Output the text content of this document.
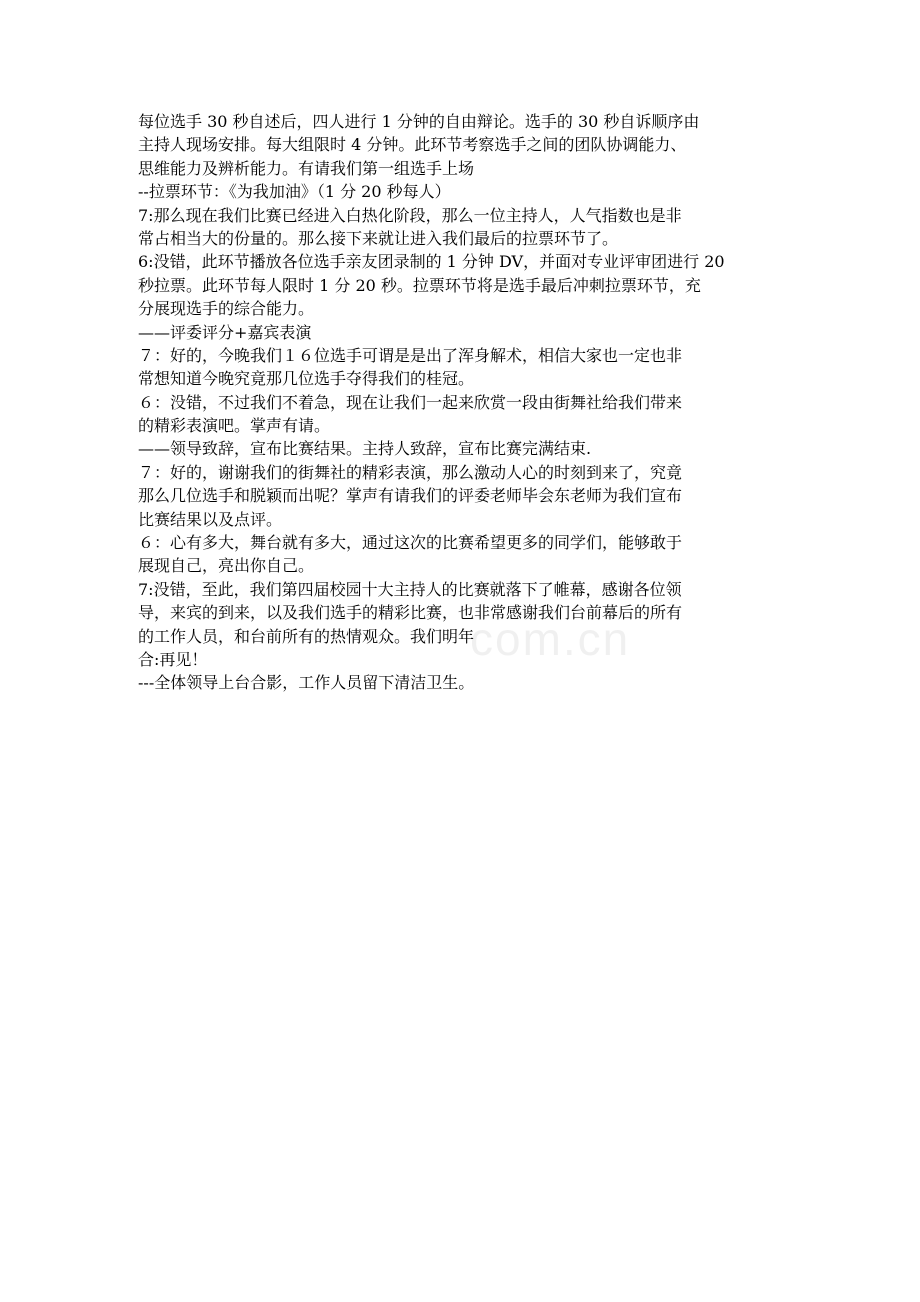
每位选手 30 秒自述后，四人进行 1 分钟的自由辩论。选手的 30 秒自诉顺序由
主持人现场安排。每大组限时 4 分钟。此环节考察选手之间的团队协调能力、
思维能力及辨析能力。有请我们第一组选手上场
--拉票环节：《为我加油》（1 分 20 秒每人）
7:那么现在我们比赛已经进入白热化阶段，那么一位主持人，人气指数也是非
常占相当大的份量的。那么接下来就让进入我们最后的拉票环节了。
6:没错，此环节播放各位选手亲友团录制的 1 分钟 DV，并面对专业评审团进行 20
秒拉票。此环节每人限时 1 分 20 秒。拉票环节将是选手最后冲刺拉票环节，充
分展现选手的综合能力。
——评委评分+嘉宾表演
７：好的，今晚我们１６位选手可谓是是出了浑身解术，相信大家也一定也非
常想知道今晚究竟那几位选手夺得我们的桂冠。
６：没错，不过我们不着急，现在让我们一起来欣赏一段由街舞社给我们带来
的精彩表演吧。掌声有请。
——领导致辞，宣布比赛结果。主持人致辞，宣布比赛完满结束.
７：好的，谢谢我们的街舞社的精彩表演，那么激动人心的时刻到来了，究竟
那么几位选手和脱颖而出呢？掌声有请我们的评委老师毕会东老师为我们宣布
比赛结果以及点评。
６：心有多大，舞台就有多大，通过这次的比赛希望更多的同学们，能够敢于
展现自己，亮出你自己。
7:没错，至此，我们第四届校园十大主持人的比赛就落下了帷幕，感谢各位领
导，来宾的到来，以及我们选手的精彩比赛，也非常感谢我们台前幕后的所有
的工作人员，和台前所有的热情观众。我们明年
合:再见！
---全体领导上台合影，工作人员留下清洁卫生。
com.cn
